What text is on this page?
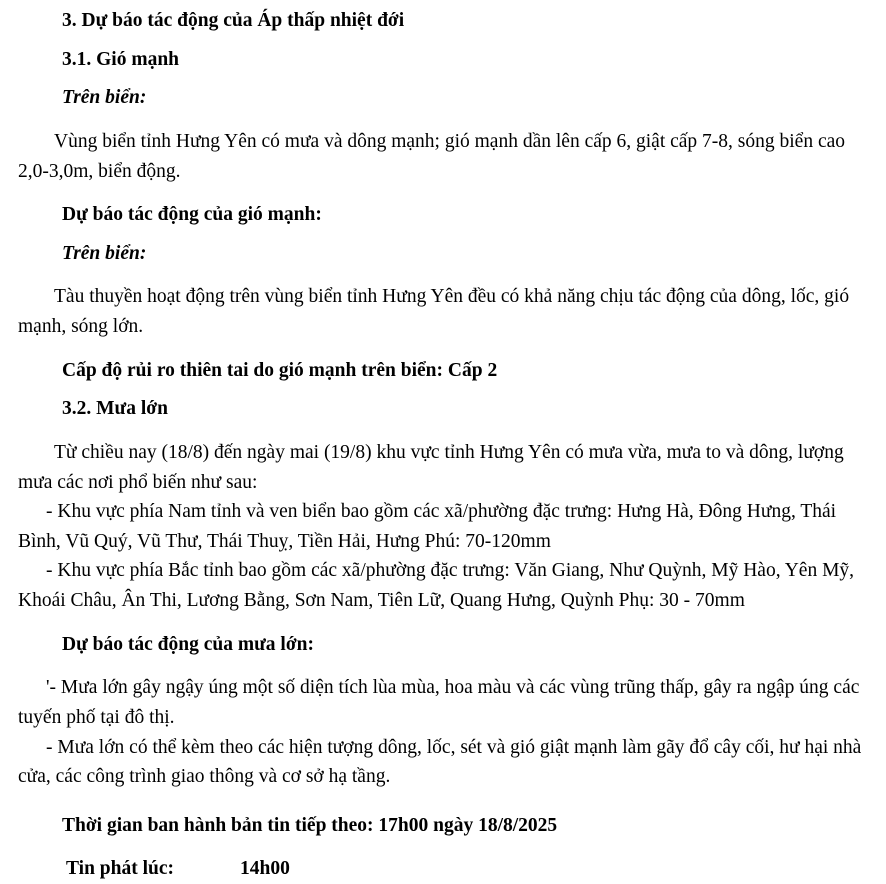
3. Dự báo tác động của Áp thấp nhiệt đới

3.1. Gió mạnh

Trên biển:

Vùng biển tỉnh Hưng Yên có mưa và dông mạnh; gió mạnh dần lên cấp 6, giật cấp 7-8, sóng biển cao 2,0-3,0m, biển động.

Dự báo tác động của gió mạnh:

Trên biển:

Tàu thuyền hoạt động trên vùng biển tỉnh Hưng Yên đều có khả năng chịu tác động của dông, lốc, gió mạnh, sóng lớn.

Cấp độ rủi ro thiên tai do gió mạnh trên biển: Cấp 2

3.2. Mưa lớn

Từ chiều nay (18/8) đến ngày mai (19/8) khu vực tỉnh Hưng Yên có mưa vừa, mưa to và dông, lượng mưa các nơi phổ biến như sau:

- Khu vực phía Nam tỉnh và ven biển bao gồm các xã/phường đặc trưng: Hưng Hà, Đông Hưng, Thái Bình, Vũ Quý, Vũ Thư, Thái Thuỵ, Tiền Hải, Hưng Phú: 70-120mm

- Khu vực phía Bắc tỉnh bao gồm các xã/phường đặc trưng: Văn Giang, Như Quỳnh, Mỹ Hào, Yên Mỹ, Khoái Châu, Ân Thi, Lương Bằng, Sơn Nam, Tiên Lữ, Quang Hưng, Quỳnh Phụ: 30 - 70mm

Dự báo tác động của mưa lớn:

'- Mưa lớn gây ngậy úng một số diện tích lùa mùa, hoa màu và các vùng trũng thấp, gây ra ngập úng các tuyến phố tại đô thị.

- Mưa lớn có thể kèm theo các hiện tượng dông, lốc, sét và gió giật mạnh làm gãy đổ cây cối, hư hại nhà cửa, các công trình giao thông và cơ sở hạ tầng.

Thời gian ban hành bản tin tiếp theo: 17h00 ngày 18/8/2025

Tin phát lúc:	14h00
